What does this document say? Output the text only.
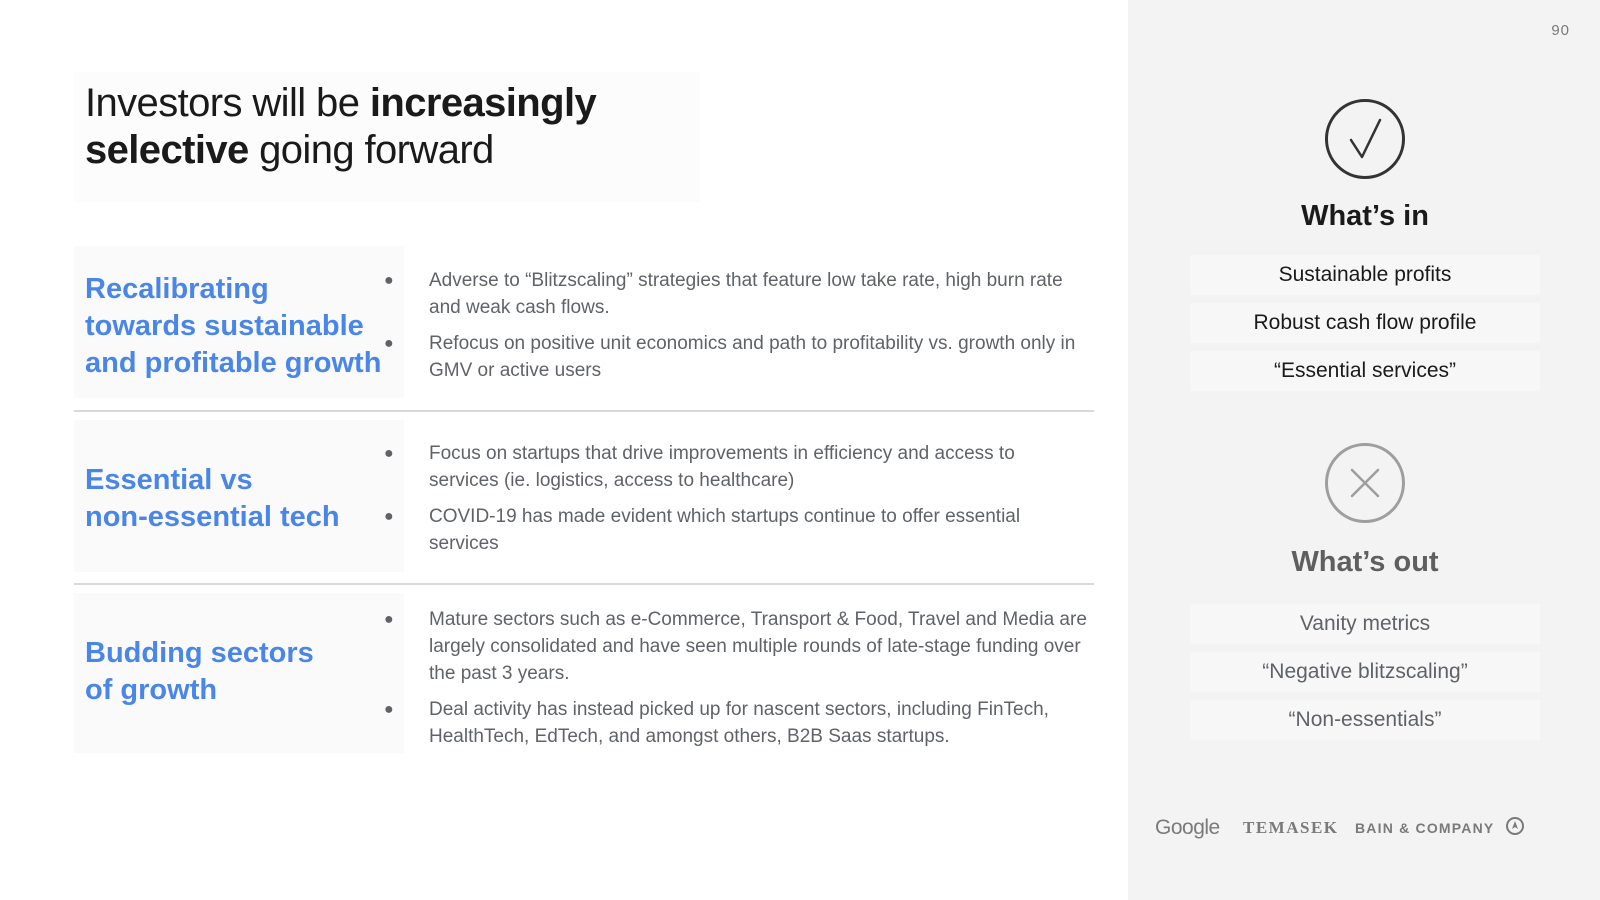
Investors will be increasingly
selective going forward
Recalibrating
towards sustainable
and profitable growth
●	Adverse to “Blitzscaling” strategies that feature low take rate, high burn rate and weak cash flows.
●	Refocus on positive unit economics and path to profitability vs. growth only in GMV or active users
Essential vs
non-essential tech
●	Focus on startups that drive improvements in efficiency and access to services (ie. logistics, access to healthcare)
●	COVID-19 has made evident which startups continue to offer essential services
Budding sectors
of growth
●	Mature sectors such as e-Commerce, Transport & Food, Travel and Media are largely consolidated and have seen multiple rounds of late-stage funding over the past 3 years.
●	Deal activity has instead picked up for nascent sectors, including FinTech, HealthTech, EdTech, and amongst others, B2B Saas startups.
90
What’s in
Sustainable profits
Robust cash flow profile
“Essential services”
What’s out
Vanity metrics
“Negative blitzscaling”
“Non-essentials”
Google TEMASEK BAIN & COMPANY
